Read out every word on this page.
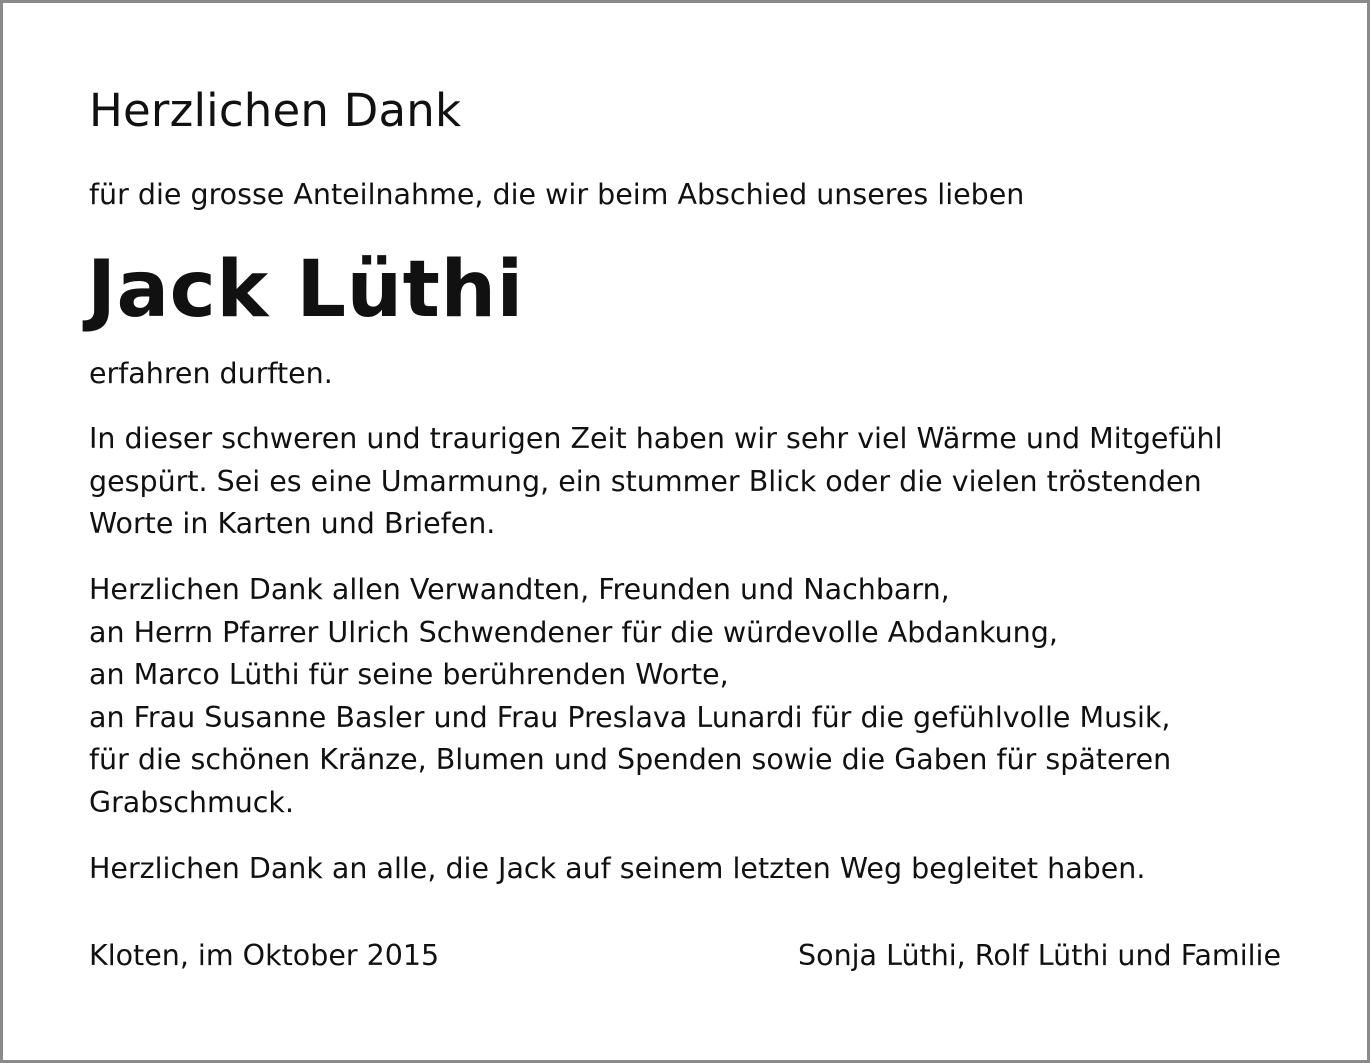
Herzlichen Dank

für die grosse Anteilnahme, die wir beim Abschied unseres lieben

Jack Lüthi

erfahren durften.

In dieser schweren und traurigen Zeit haben wir sehr viel Wärme und Mitgefühl
gespürt. Sei es eine Umarmung, ein stummer Blick oder die vielen tröstenden
Worte in Karten und Briefen.

Herzlichen Dank allen Verwandten, Freunden und Nachbarn,
an Herrn Pfarrer Ulrich Schwendener für die würdevolle Abdankung,
an Marco Lüthi für seine berührenden Worte,
an Frau Susanne Basler und Frau Preslava Lunardi für die gefühlvolle Musik,
für die schönen Kränze, Blumen und Spenden sowie die Gaben für späteren
Grabschmuck.

Herzlichen Dank an alle, die Jack auf seinem letzten Weg begleitet haben.

Kloten, im Oktober 2015	Sonja Lüthi, Rolf Lüthi und Familie
